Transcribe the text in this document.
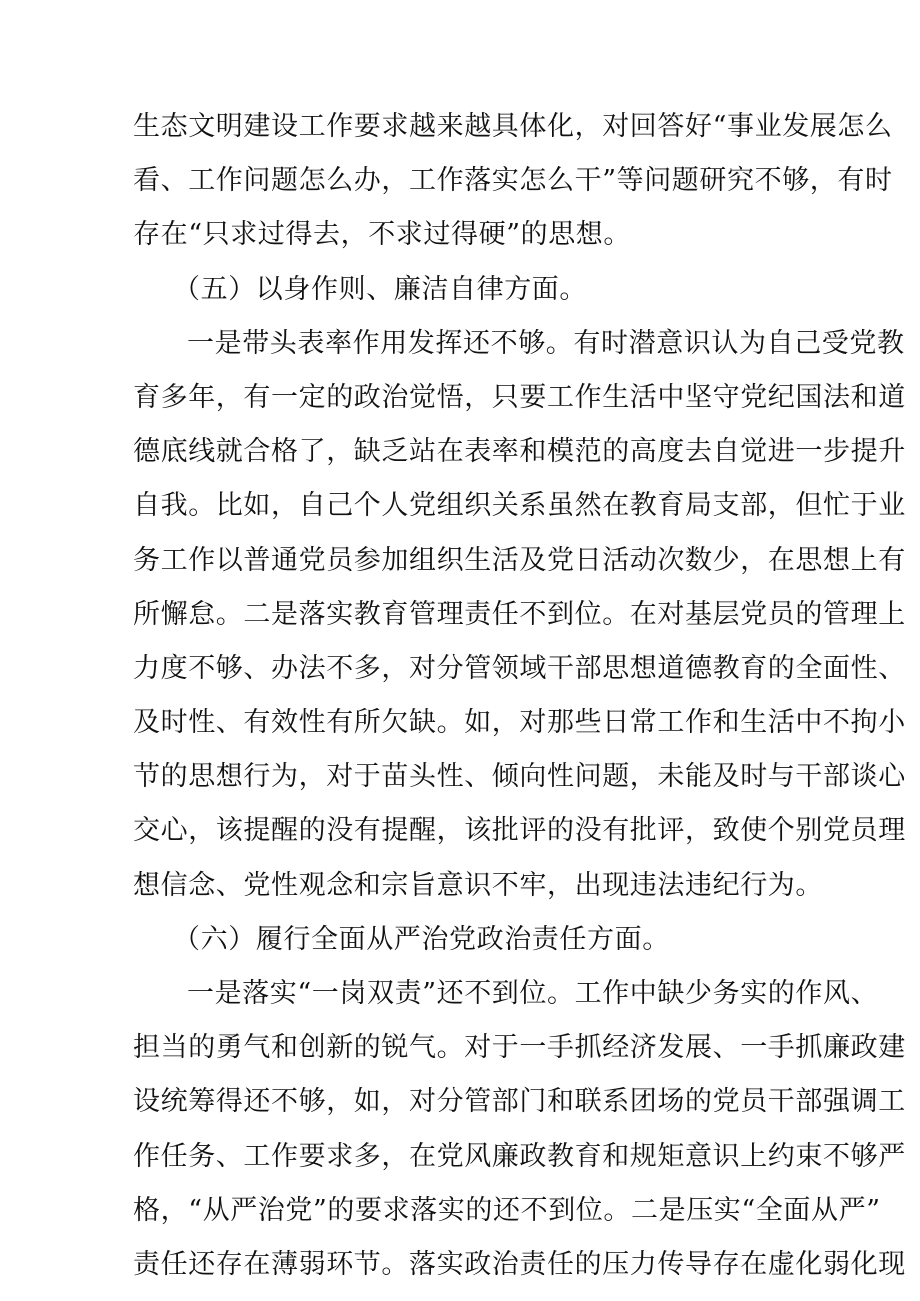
生态文明建设工作要求越来越具体化，对回答好“事业发展怎么
看、工作问题怎么办，工作落实怎么干”等问题研究不够，有时
存在“只求过得去，不求过得硬”的思想。
（五）以身作则、廉洁自律方面。
一是带头表率作用发挥还不够。有时潜意识认为自己受党教
育多年，有一定的政治觉悟，只要工作生活中坚守党纪国法和道
德底线就合格了，缺乏站在表率和模范的高度去自觉进一步提升
自我。比如，自己个人党组织关系虽然在教育局支部，但忙于业
务工作以普通党员参加组织生活及党日活动次数少，在思想上有
所懈怠。二是落实教育管理责任不到位。在对基层党员的管理上
力度不够、办法不多，对分管领域干部思想道德教育的全面性、
及时性、有效性有所欠缺。如，对那些日常工作和生活中不拘小
节的思想行为，对于苗头性、倾向性问题，未能及时与干部谈心
交心，该提醒的没有提醒，该批评的没有批评，致使个别党员理
想信念、党性观念和宗旨意识不牢，出现违法违纪行为。
（六）履行全面从严治党政治责任方面。
一是落实“一岗双责”还不到位。工作中缺少务实的作风、
担当的勇气和创新的锐气。对于一手抓经济发展、一手抓廉政建
设统筹得还不够，如，对分管部门和联系团场的党员干部强调工
作任务、工作要求多，在党风廉政教育和规矩意识上约束不够严
格，“从严治党”的要求落实的还不到位。二是压实“全面从严”
责任还存在薄弱环节。落实政治责任的压力传导存在虚化弱化现
